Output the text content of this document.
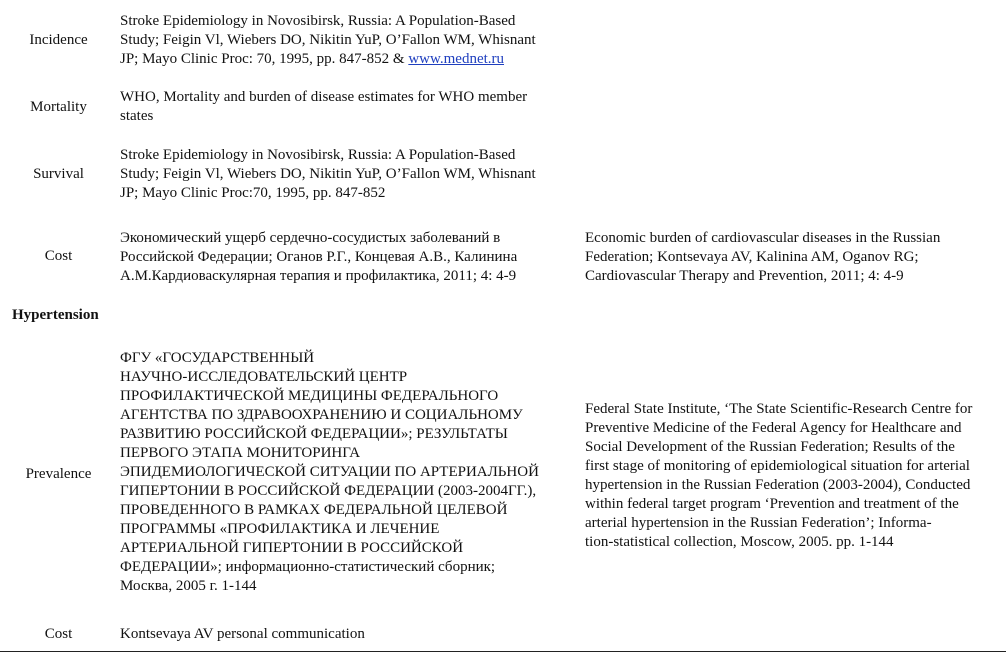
Incidence
Stroke Epidemiology in Novosibirsk, Russia: A Population-Based
Study; Feigin Vl, Wiebers DO, Nikitin YuP, O’Fallon WM, Whisnant
JP; Mayo Clinic Proc: 70, 1995, pp. 847-852 & www.mednet.ru
Mortality
WHO, Mortality and burden of disease estimates for WHO member
states
Survival
Stroke Epidemiology in Novosibirsk, Russia: A Population-Based
Study; Feigin Vl, Wiebers DO, Nikitin YuP, O’Fallon WM, Whisnant
JP; Mayo Clinic Proc:70, 1995, pp. 847-852
Cost
Экономический ущерб сердечно-сосудистых заболеваний в
Российской Федерации; Оганов Р.Г., Концевая А.В., Калинина
А.М.Кардиоваскулярная терапия и профилактика, 2011; 4: 4-9
Economic burden of cardiovascular diseases in the Russian
Federation; Kontsevaya AV, Kalinina AM, Oganov RG;
Cardiovascular Therapy and Prevention, 2011; 4: 4-9
Hypertension
Prevalence
ФГУ «ГОСУДАРСТВЕННЫЙ
НАУЧНО-ИССЛЕДОВАТЕЛЬСКИЙ ЦЕНТР
ПРОФИЛАКТИЧЕСКОЙ МЕДИЦИНЫ ФЕДЕРАЛЬНОГО
АГЕНТСТВА ПО ЗДРАВООХРАНЕНИЮ И СОЦИАЛЬНОМУ
РАЗВИТИЮ РОССИЙСКОЙ ФЕДЕРАЦИИ»; РЕЗУЛЬТАТЫ
ПЕРВОГО ЭТАПА МОНИТОРИНГА
ЭПИДЕМИОЛОГИЧЕСКОЙ СИТУАЦИИ ПО АРТЕРИАЛЬНОЙ
ГИПЕРТОНИИ В РОССИЙСКОЙ ФЕДЕРАЦИИ (2003-2004ГГ.),
ПРОВЕДЕННОГО В РАМКАХ ФЕДЕРАЛЬНОЙ ЦЕЛЕВОЙ
ПРОГРАММЫ «ПРОФИЛАКТИКА И ЛЕЧЕНИЕ
АРТЕРИАЛЬНОЙ ГИПЕРТОНИИ В РОССИЙСКОЙ
ФЕДЕРАЦИИ»; информационно-статистический сборник;
Москва, 2005 г. 1-144
Federal State Institute, ‘The State Scientific-Research Centre for
Preventive Medicine of the Federal Agency for Healthcare and
Social Development of the Russian Federation; Results of the
first stage of monitoring of epidemiological situation for arterial
hypertension in the Russian Federation (2003-2004), Conducted
within federal target program ‘Prevention and treatment of the
arterial hypertension in the Russian Federation’; Informa-
tion-statistical collection, Moscow, 2005. pp. 1-144
Cost	Kontsevaya AV personal communication
